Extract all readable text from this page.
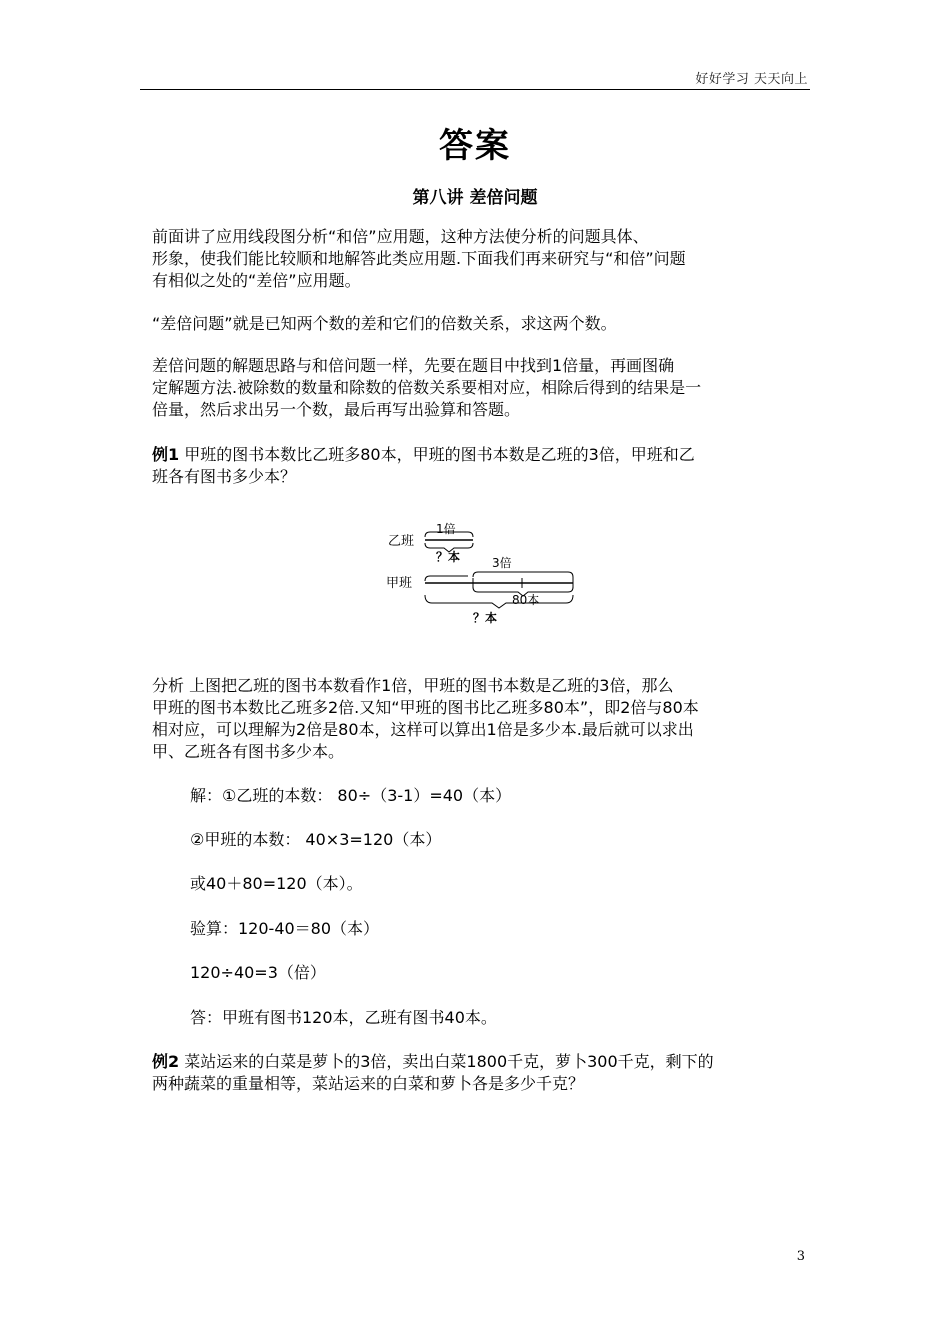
好好学习 天天向上
答案
第八讲 差倍问题
前面讲了应用线段图分析“和倍”应用题，这种方法使分析的问题具体、
形象，使我们能比较顺和地解答此类应用题.下面我们再来研究与“和倍”问题
有相似之处的“差倍”应用题。
“差倍问题”就是已知两个数的差和它们的倍数关系，求这两个数。
差倍问题的解题思路与和倍问题一样，先要在题目中找到1倍量，再画图确
定解题方法.被除数的数量和除数的倍数关系要相对应，相除后得到的结果是一
倍量，然后求出另一个数，最后再写出验算和答题。
例1 甲班的图书本数比乙班多80本，甲班的图书本数是乙班的3倍，甲班和乙
班各有图书多少本？
乙班
1倍
？本	3倍
甲班
80本
？本
分析 上图把乙班的图书本数看作1倍，甲班的图书本数是乙班的3倍，那么
甲班的图书本数比乙班多2倍.又知“甲班的图书比乙班多80本”，即2倍与80本
相对应，可以理解为2倍是80本，这样可以算出1倍是多少本.最后就可以求出
甲、乙班各有图书多少本。
解：①乙班的本数： 80÷（3-1）=40（本）
②甲班的本数： 40×3=120（本）
或40＋80=120（本）。
验算：120-40＝80（本）
120÷40=3（倍）
答：甲班有图书120本，乙班有图书40本。
例2 菜站运来的白菜是萝卜的3倍，卖出白菜1800千克，萝卜300千克，剩下的
两种蔬菜的重量相等，菜站运来的白菜和萝卜各是多少千克？
3
